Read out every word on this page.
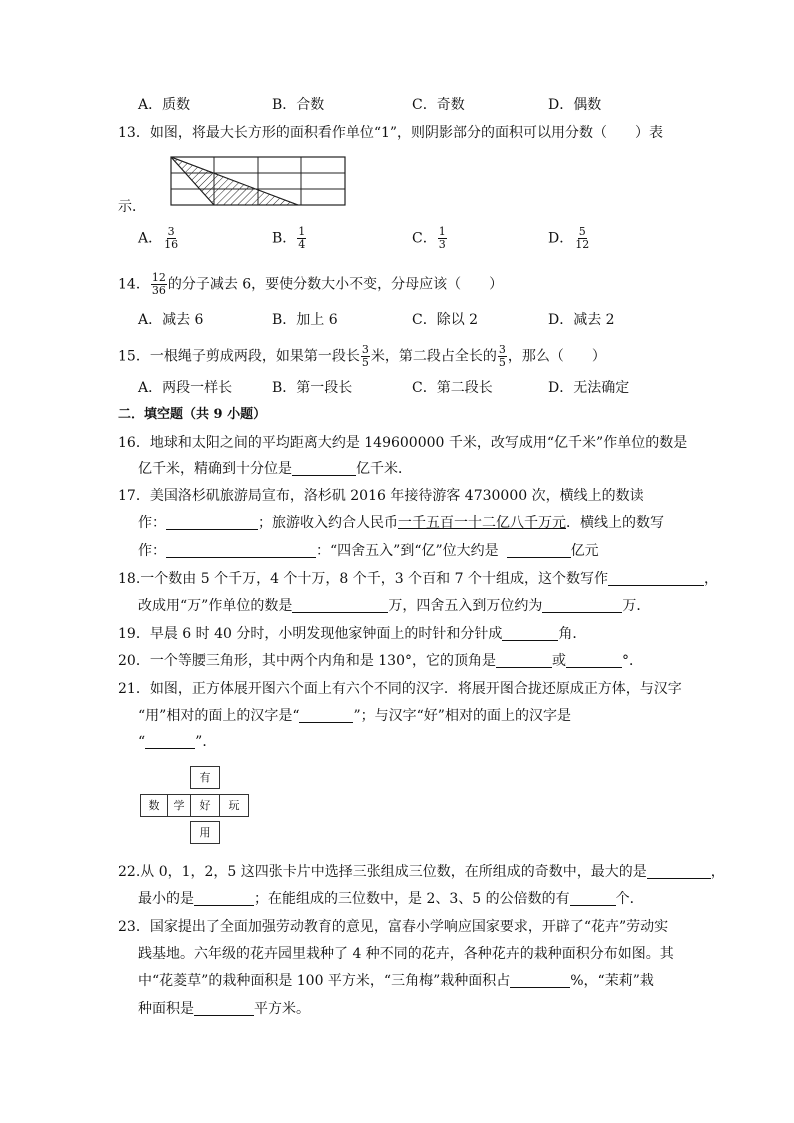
A．质数	B．合数	C．奇数	D．偶数
13．如图，将最大长方形的面积看作单位“1”，则阴影部分的面积可以用分数（　　）表
示．
A． $\frac{3}{16}$	B． $\frac{1}{4}$	C． $\frac{1}{3}$	D． $\frac{5}{12}$
14． $\frac{12}{36}$ 的分子减去 6，要使分数大小不变，分母应该（　　）
A．减去 6	B．加上 6	C．除以 2	D．减去 2
15．一根绳子剪成两段，如果第一段长 $\frac{3}{5}$ 米，第二段占全长的 $\frac{3}{5}$ ，那么（　　）
A．两段一样长	B．第一段长	C．第二段长	D．无法确定
二．填空题（共 9 小题）
16．地球和太阳之间的平均距离大约是 149600000 千米，改写成用“亿千米”作单位的数是
亿千米，精确到十分位是	亿千米．
17．美国洛杉矶旅游局宣布，洛杉矶 2016 年接待游客 4730000 次，横线上的数读
作：	；旅游收入约合人民币一千五百一十二亿八千万元．横线上的数写
作：	：“四舍五入”到“亿”位大约是	亿元
18.一个数由 5 个千万，4 个十万，8 个千，3 个百和 7 个十组成，这个数写作	，
改成用“万”作单位的数是	万，四舍五入到万位约为	万．
19．早晨 6 时 40 分时，小明发现他家钟面上的时针和分针成	角．
20．一个等腰三角形，其中两个内角和是 130°，它的顶角是	或	°．
21．如图，正方体展开图六个面上有六个不同的汉字．将展开图合拢还原成正方体，与汉字
“用”相对的面上的汉字是“	”；与汉字“好”相对的面上的汉字是
“	”．
有
数	学	好	玩
用
22.从 0，1，2，5 这四张卡片中选择三张组成三位数，在所组成的奇数中，最大的是	，
最小的是	；在能组成的三位数中，是 2、3、5 的公倍数的有	个．
23．国家提出了全面加强劳动教育的意见，富春小学响应国家要求，开辟了“花卉”劳动实
践基地。六年级的花卉园里栽种了 4 种不同的花卉，各种花卉的栽种面积分布如图。其
中“花菱草”的栽种面积是 100 平方米，“三角梅”栽种面积占	%，“茉莉”栽
种面积是	平方米。
